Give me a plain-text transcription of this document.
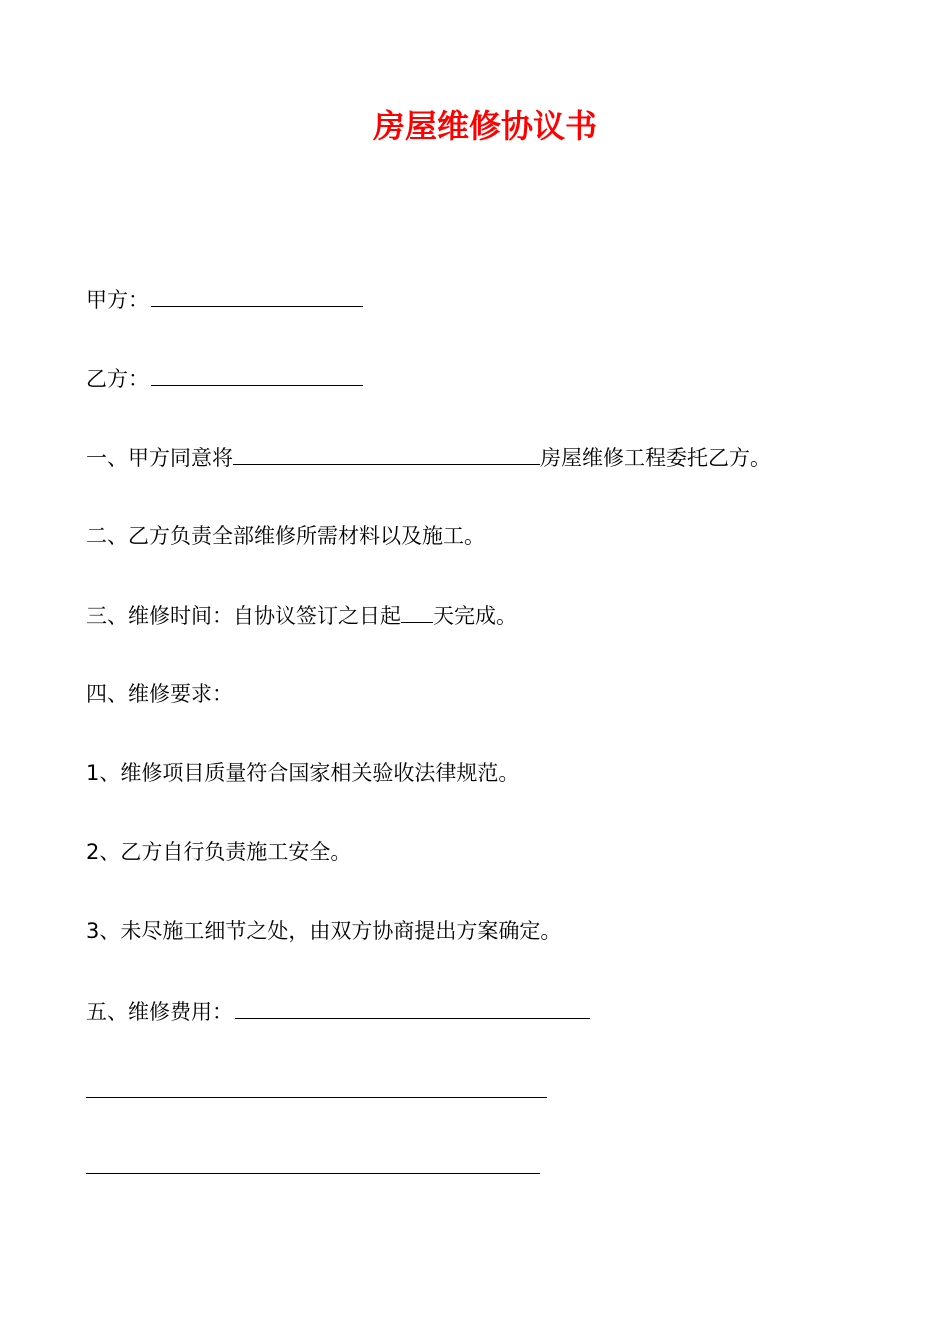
房屋维修协议书
甲方：
乙方：
一、甲方同意将	房屋维修工程委托乙方。
二、乙方负责全部维修所需材料以及施工。
三、维修时间：自协议签订之日起 天完成。
四、维修要求：
1、维修项目质量符合国家相关验收法律规范。
2、乙方自行负责施工安全。
3、未尽施工细节之处，由双方协商提出方案确定。
五、维修费用：
